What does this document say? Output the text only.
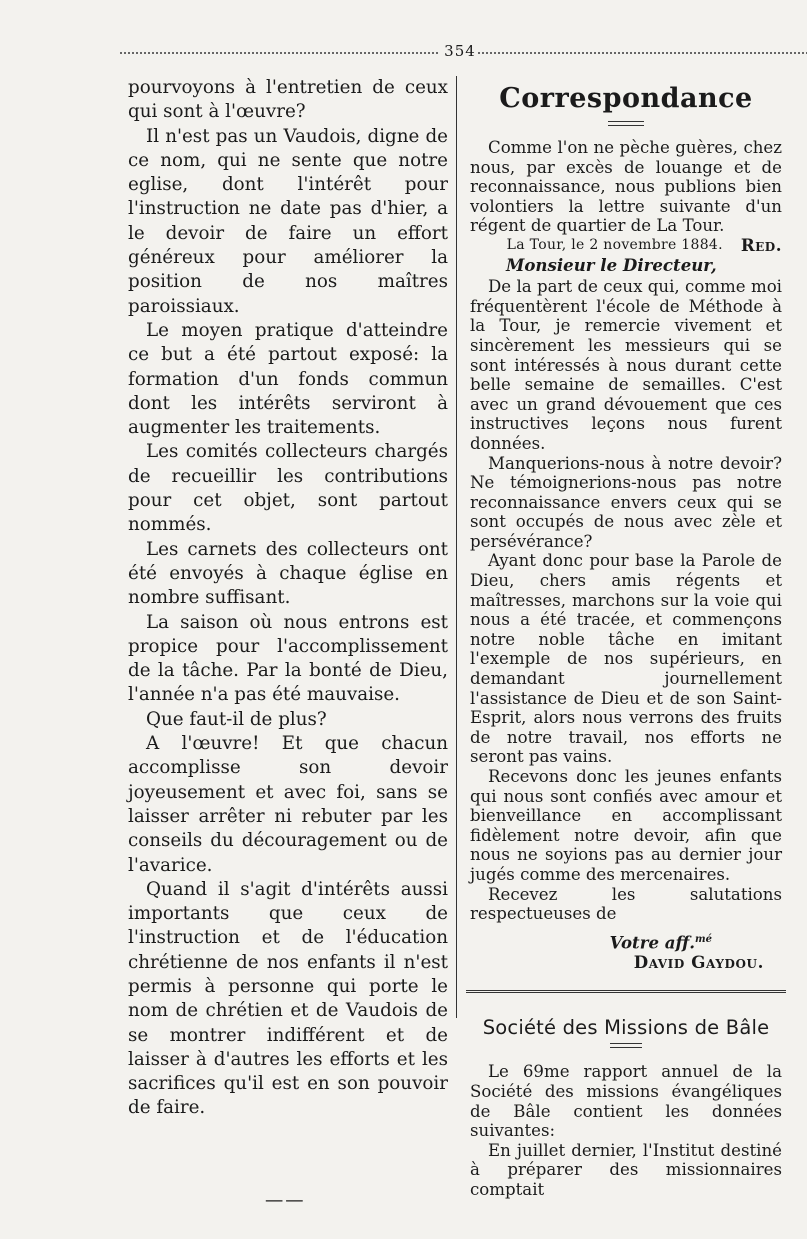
354

pourvoyons à l'entretien de ceux qui sont à l'œuvre?

Il n'est pas un Vaudois, digne de ce nom, qui ne sente que notre eglise, dont l'intérêt pour l'instruction ne date pas d'hier, a le devoir de faire un effort généreux pour améliorer la position de nos maîtres paroissiaux.

Le moyen pratique d'atteindre ce but a été partout exposé: la formation d'un fonds commun dont les intérêts serviront à augmenter les traitements.

Les comités collecteurs chargés de recueillir les contributions pour cet objet, sont partout nommés.

Les carnets des collecteurs ont été envoyés à chaque église en nombre suffisant.

La saison où nous entrons est propice pour l'accomplissement de la tâche. Par la bonté de Dieu, l'année n'a pas été mauvaise.

Que faut-il de plus?

A l'œuvre! Et que chacun accomplisse son devoir joyeusement et avec foi, sans se laisser arrêter ni rebuter par les conseils du découragement ou de l'avarice.

Quand il s'agit d'intérêts aussi importants que ceux de l'instruction et de l'éducation chrétienne de nos enfants il n'est permis à personne qui porte le nom de chrétien et de Vaudois de se montrer indifférent et de laisser à d'autres les efforts et les sacrifices qu'il est en son pouvoir de faire.

——

Correspondance

Comme l'on ne pèche guères, chez nous, par excès de louange et de reconnaissance, nous publions bien volontiers la lettre suivante d'un régent de quartier de La Tour.
Red.

La Tour, le 2 novembre 1884.

Monsieur le Directeur,

De la part de ceux qui, comme moi fréquentèrent l'école de Méthode à la Tour, je remercie vivement et sincèrement les messieurs qui se sont intéressés à nous durant cette belle semaine de semailles. C'est avec un grand dévouement que ces instructives leçons nous furent données.

Manquerions-nous à notre devoir? Ne témoignerions-nous pas notre reconnaissance envers ceux qui se sont occupés de nous avec zèle et persévérance?

Ayant donc pour base la Parole de Dieu, chers amis régents et maîtresses, marchons sur la voie qui nous a été tracée, et commençons notre noble tâche en imitant l'exemple de nos supérieurs, en demandant journellement l'assistance de Dieu et de son Saint-Esprit, alors nous verrons des fruits de notre travail, nos efforts ne seront pas vains.

Recevons donc les jeunes enfants qui nous sont confiés avec amour et bienveillance en accomplissant fidèlement notre devoir, afin que nous ne soyions pas au dernier jour jugés comme des mercenaires.

Recevez les salutations respectueuses de

Votre aff.$^{mé}$

David Gaydou.

Société des Missions de Bâle

Le 69me rapport annuel de la Société des missions évangéliques de Bâle contient les données suivantes:

En juillet dernier, l'Institut destiné à préparer des missionnaires comptait
